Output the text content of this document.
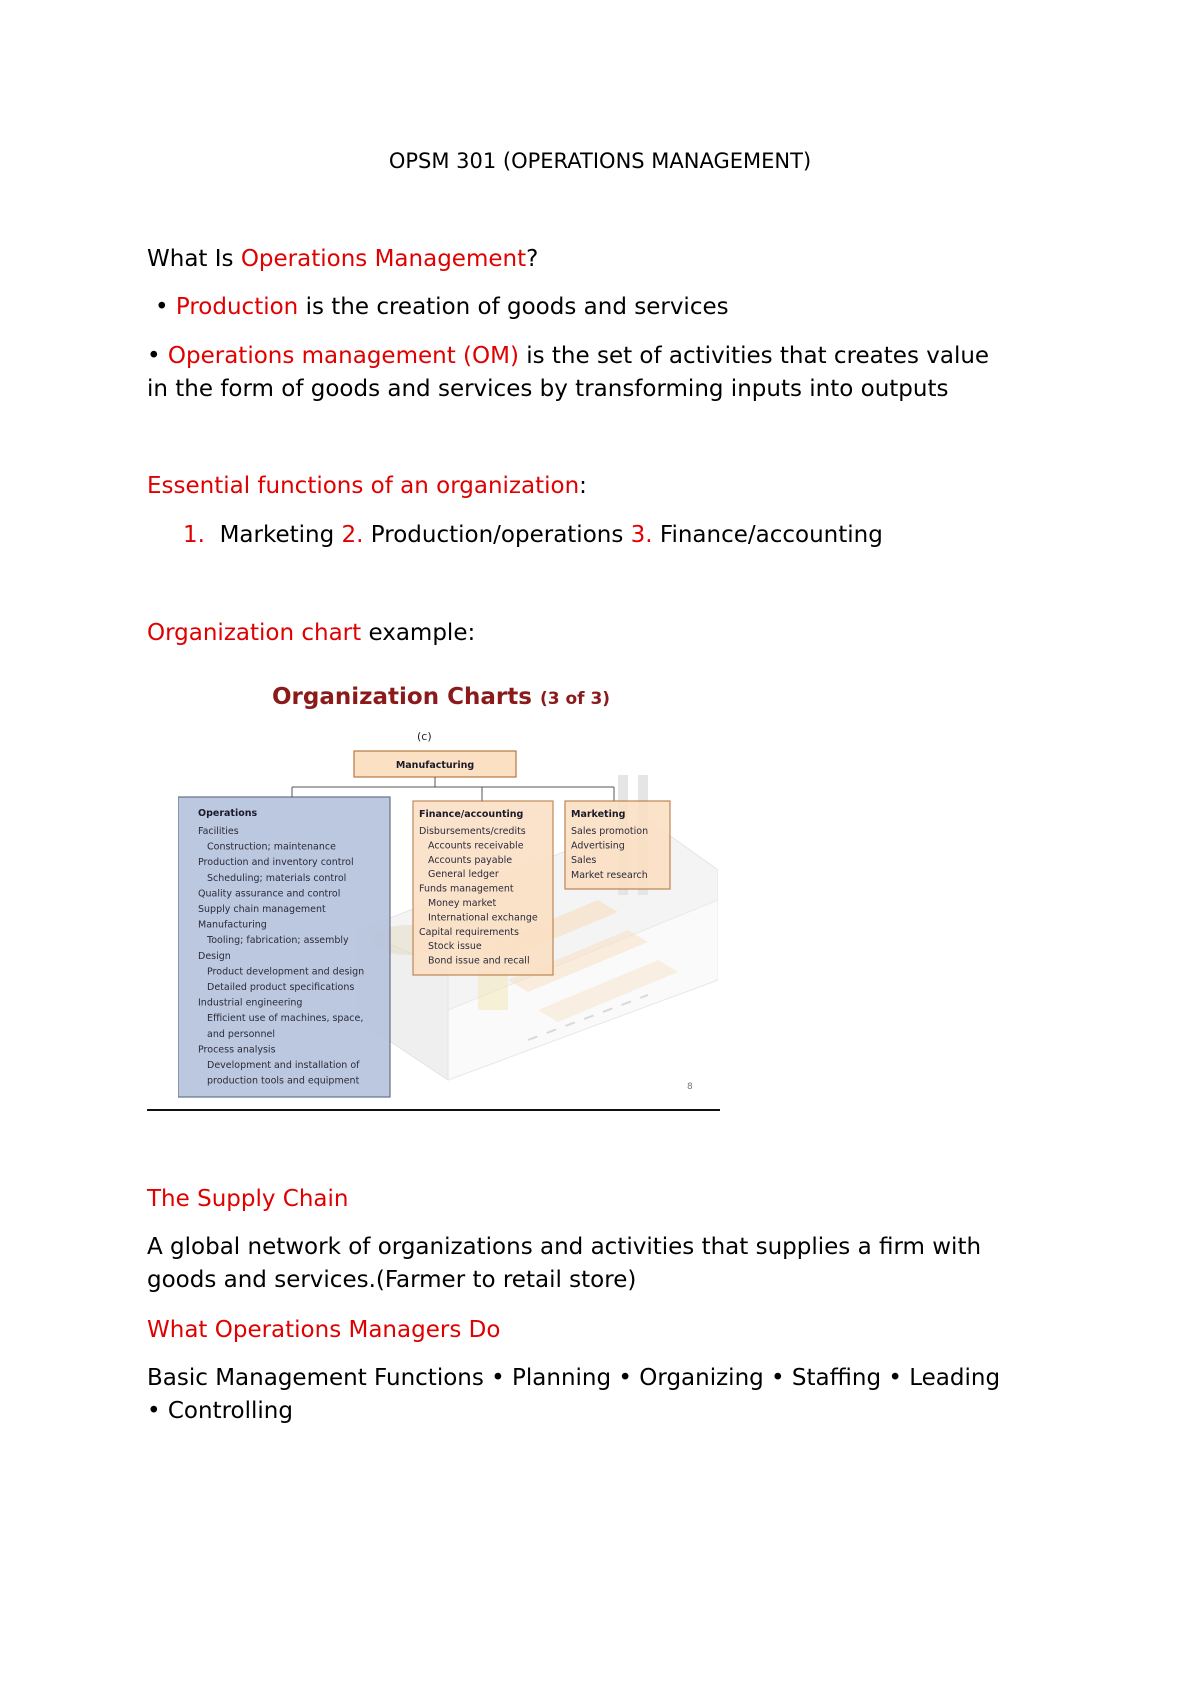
OPSM 301 (OPERATIONS MANAGEMENT)
What Is Operations Management?
• Production is the creation of goods and services
• Operations management (OM) is the set of activities that creates value
in the form of goods and services by transforming inputs into outputs
Essential functions of an organization:
1. Marketing 2. Production/operations 3. Finance/accounting
Organization chart example:
Organization Charts (3 of 3)
(c)
Manufacturing
Operations
Facilities
Construction; maintenance
Production and inventory control
Scheduling; materials control
Quality assurance and control
Supply chain management
Manufacturing
Tooling; fabrication; assembly
Design
Product development and design
Detailed product specifications
Industrial engineering
Efficient use of machines, space,
and personnel
Process analysis
Development and installation of
production tools and equipment
Finance/accounting
Disbursements/credits
Accounts receivable
Accounts payable
General ledger
Funds management
Money market
International exchange
Capital requirements
Stock issue
Bond issue and recall
Marketing
Sales promotion
Advertising
Sales
Market research
8
The Supply Chain
A global network of organizations and activities that supplies a firm with
goods and services.(Farmer to retail store)
What Operations Managers Do
Basic Management Functions • Planning • Organizing • Staffing • Leading
• Controlling
